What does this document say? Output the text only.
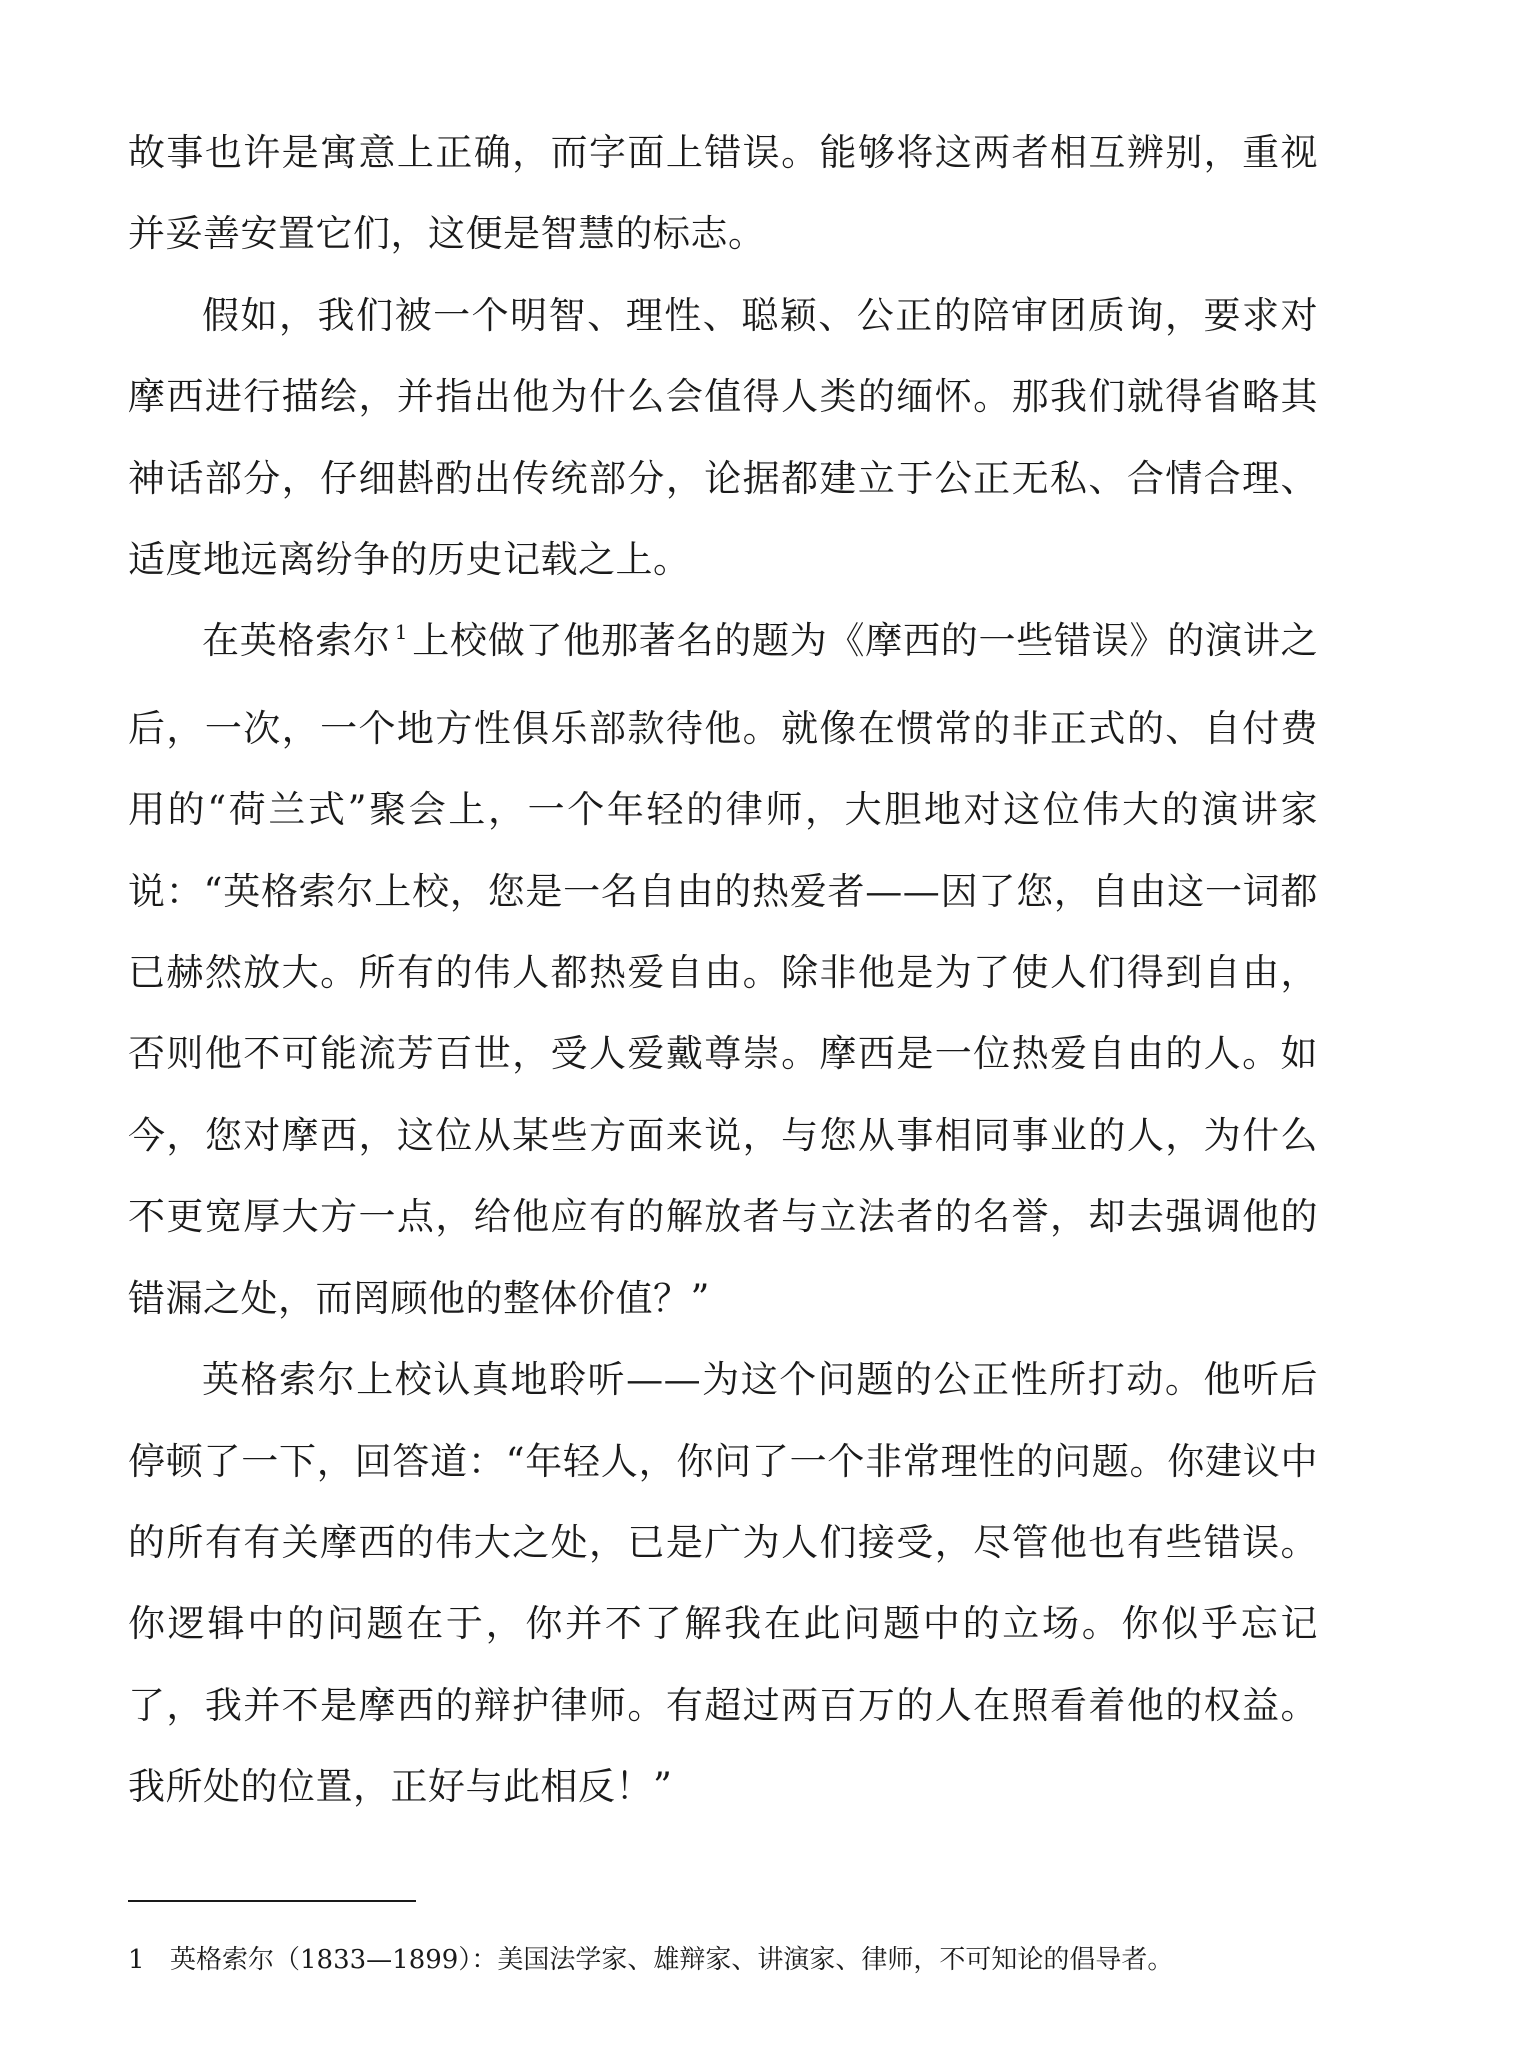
故事也许是寓意上正确，而字面上错误。能够将这两者相互辨别，重视并妥善安置它们，这便是智慧的标志。

假如，我们被一个明智、理性、聪颖、公正的陪审团质询，要求对摩西进行描绘，并指出他为什么会值得人类的缅怀。那我们就得省略其神话部分，仔细斟酌出传统部分，论据都建立于公正无私、合情合理、适度地远离纷争的历史记载之上。

在英格索尔 $^1$ 上校做了他那著名的题为《摩西的一些错误》的演讲之后，一次，一个地方性俱乐部款待他。就像在惯常的非正式的、自付费用的“荷兰式”聚会上，一个年轻的律师，大胆地对这位伟大的演讲家说：“英格索尔上校，您是一名自由的热爱者——因了您，自由这一词都已赫然放大。所有的伟人都热爱自由。除非他是为了使人们得到自由，否则他不可能流芳百世，受人爱戴尊崇。摩西是一位热爱自由的人。如今，您对摩西，这位从某些方面来说，与您从事相同事业的人，为什么不更宽厚大方一点，给他应有的解放者与立法者的名誉，却去强调他的错漏之处，而罔顾他的整体价值？”

英格索尔上校认真地聆听——为这个问题的公正性所打动。他听后停顿了一下，回答道：“年轻人，你问了一个非常理性的问题。你建议中的所有有关摩西的伟大之处，已是广为人们接受，尽管他也有些错误。你逻辑中的问题在于，你并不了解我在此问题中的立场。你似乎忘记了，我并不是摩西的辩护律师。有超过两百万的人在照看着他的权益。我所处的位置，正好与此相反！”

1 英格索尔（1833—1899）：美国法学家、雄辩家、讲演家、律师，不可知论的倡导者。
